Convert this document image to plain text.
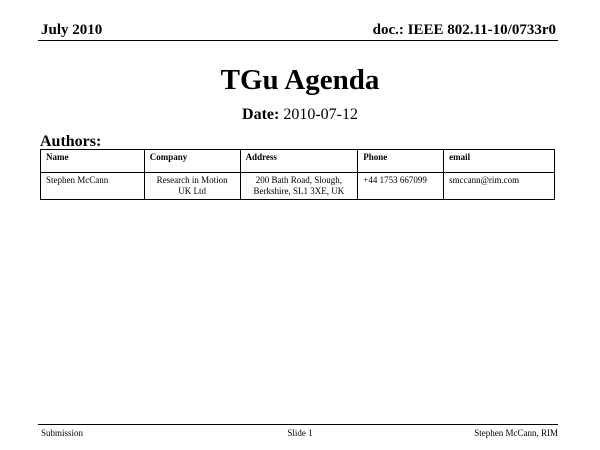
July 2010	doc.: IEEE 802.11-10/0733r0
TGu Agenda
Date: 2010-07-12
Authors:
Name	Company	Address	Phone	email
Stephen McCann	Research in Motion UK Ltd	200 Bath Road, Slough, Berkshire, SL1 3XE, UK	+44 1753 667099	smccann@rim.com
Submission	Slide 1	Stephen McCann, RIM
